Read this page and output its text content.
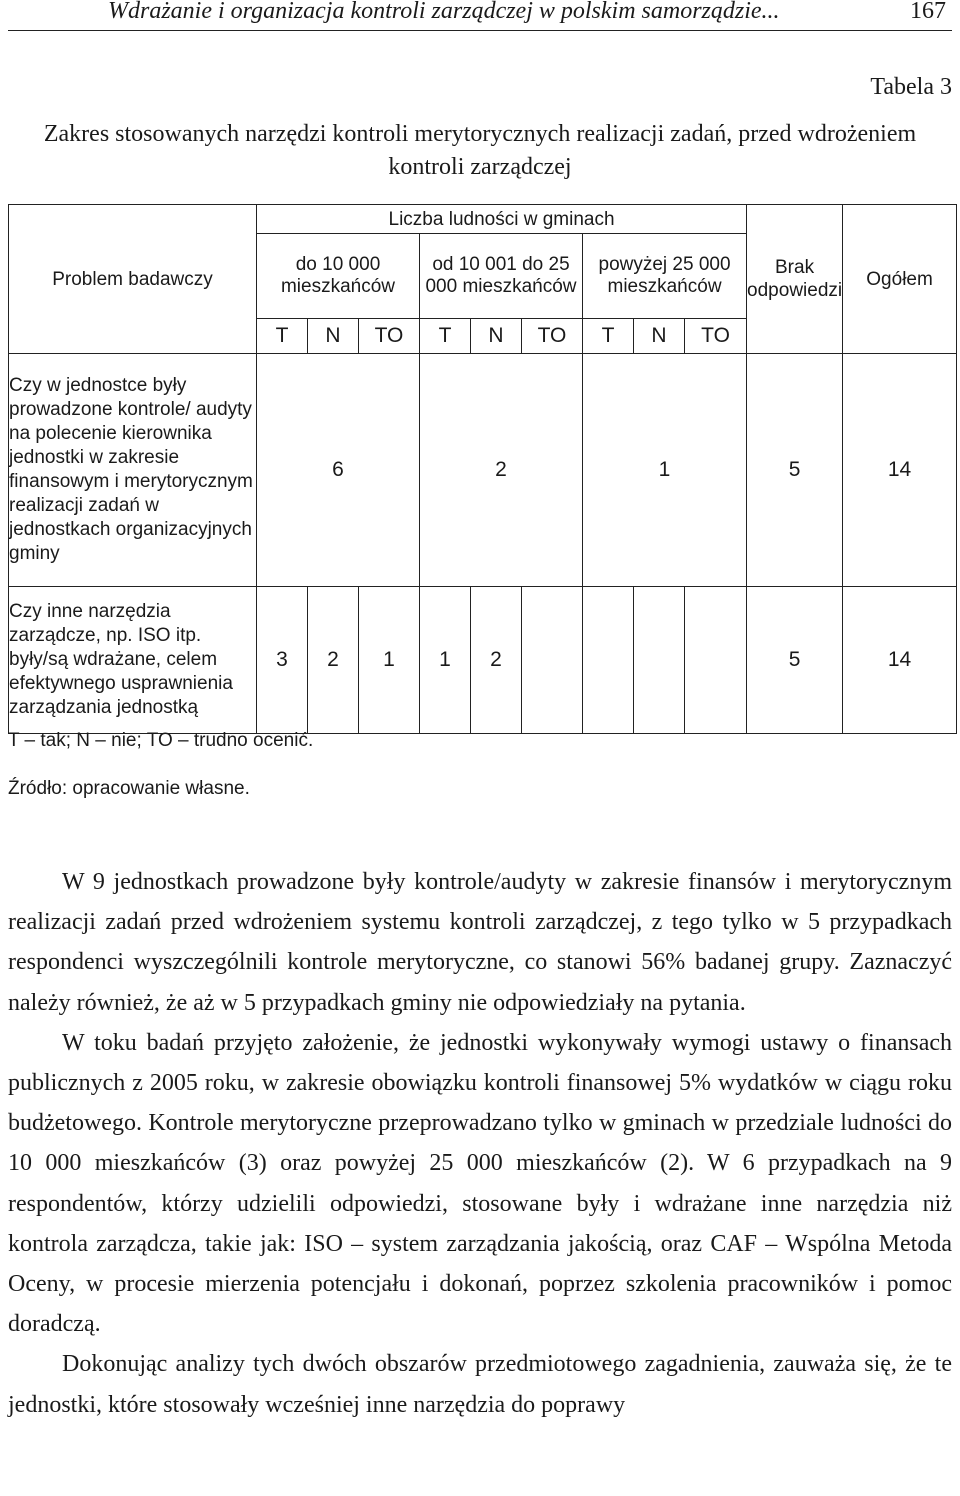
Wdrażanie i organizacja kontroli zarządczej w polskim samorządzie...	167
Tabela 3
Zakres stosowanych narzędzi kontroli merytorycznych realizacji zadań, przed wdrożeniem kontroli zarządczej
Problem badawczy	Liczba ludności w gminach									Brak odpowiedzi	Ogółem
	do 10 000 mieszkańców			od 10 001 do 25 000 mieszkańców			powyżej 25 000 mieszkańców				
	T	N	TO	T	N	TO	T	N	TO		
Czy w jednostce były prowadzone kontrole/ audyty na polecenie kierownika jednostki w zakresie finansowym i merytorycznym realizacji zadań w jednostkach organizacyjnych gminy	6			2			1			5	14
Czy inne narzędzia zarządcze, np. ISO itp. były/są wdrażane, celem efektywnego usprawnienia zarządzania jednostką	3	2	1	1	2					5	14
T – tak; N – nie; TO – trudno ocenić.
Źródło: opracowanie własne.

W 9 jednostkach prowadzone były kontrole/audyty w zakresie finansów i merytorycznym realizacji zadań przed wdrożeniem systemu kontroli zarządczej, z tego tylko w 5 przypadkach respondenci wyszczególnili kontrole merytoryczne, co stanowi 56% badanej grupy. Zaznaczyć należy również, że aż w 5 przypadkach gminy nie odpowiedziały na pytania.

W toku badań przyjęto założenie, że jednostki wykonywały wymogi ustawy o finansach publicznych z 2005 roku, w zakresie obowiązku kontroli finansowej 5% wydatków w ciągu roku budżetowego. Kontrole merytoryczne przeprowadzano tylko w gminach w przedziale ludności do 10 000 mieszkańców (3) oraz powyżej 25 000 mieszkańców (2). W 6 przypadkach na 9 respondentów, którzy udzielili odpowiedzi, stosowane były i wdrażane inne narzędzia niż kontrola zarządcza, takie jak: ISO – system zarządzania jakością, oraz CAF – Wspólna Metoda Oceny, w procesie mierzenia potencjału i dokonań, poprzez szkolenia pracowników i pomoc doradczą.

Dokonując analizy tych dwóch obszarów przedmiotowego zagadnienia, zauważa się, że te jednostki, które stosowały wcześniej inne narzędzia do poprawy
